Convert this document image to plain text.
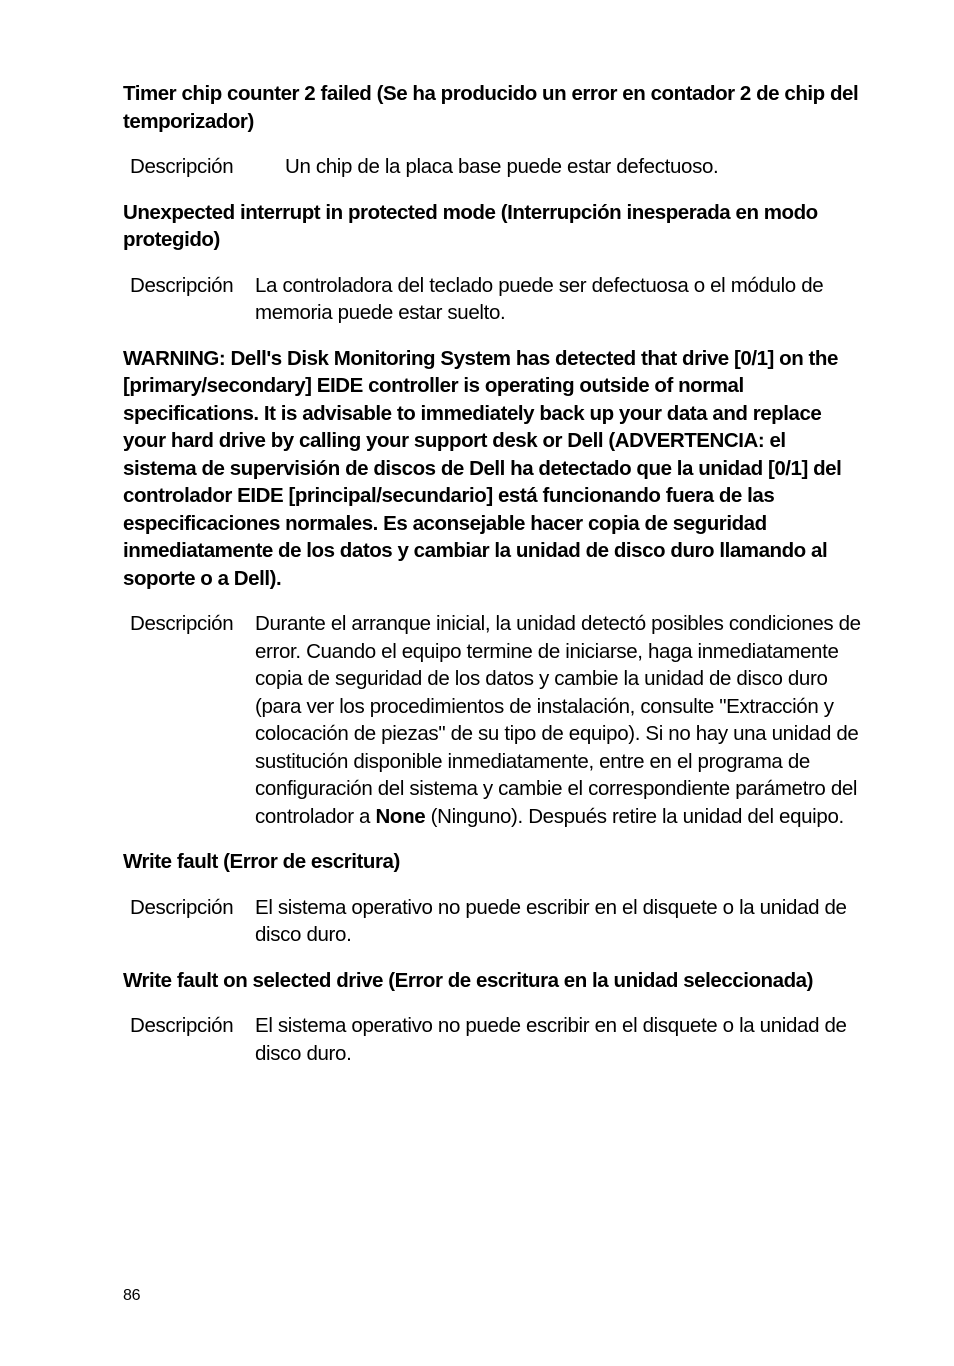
Timer chip counter 2 failed (Se ha producido un error en contador 2 de chip del temporizador)
Descripción	Un chip de la placa base puede estar defectuoso.
Unexpected interrupt in protected mode (Interrupción inesperada en modo protegido)
Descripción	La controladora del teclado puede ser defectuosa o el módulo de memoria puede estar suelto.
WARNING: Dell's Disk Monitoring System has detected that drive [0/1] on the [primary/secondary] EIDE controller is operating outside of normal specifications. It is advisable to immediately back up your data and replace your hard drive by calling your support desk or Dell (ADVERTENCIA: el sistema de supervisión de discos de Dell ha detectado que la unidad [0/1] del controlador EIDE [principal/secundario] está funcionando fuera de las especificaciones normales. Es aconsejable hacer copia de seguridad inmediatamente de los datos y cambiar la unidad de disco duro llamando al soporte o a Dell).
Descripción	Durante el arranque inicial, la unidad detectó posibles condiciones de error. Cuando el equipo termine de iniciarse, haga inmediatamente copia de seguridad de los datos y cambie la unidad de disco duro (para ver los procedimientos de instalación, consulte "Extracción y colocación de piezas" de su tipo de equipo). Si no hay una unidad de sustitución disponible inmediatamente, entre en el programa de configuración del sistema y cambie el correspondiente parámetro del controlador a None (Ninguno). Después retire la unidad del equipo.
Write fault (Error de escritura)
Descripción	El sistema operativo no puede escribir en el disquete o la unidad de disco duro.
Write fault on selected drive (Error de escritura en la unidad seleccionada)
Descripción	El sistema operativo no puede escribir en el disquete o la unidad de disco duro.
86
